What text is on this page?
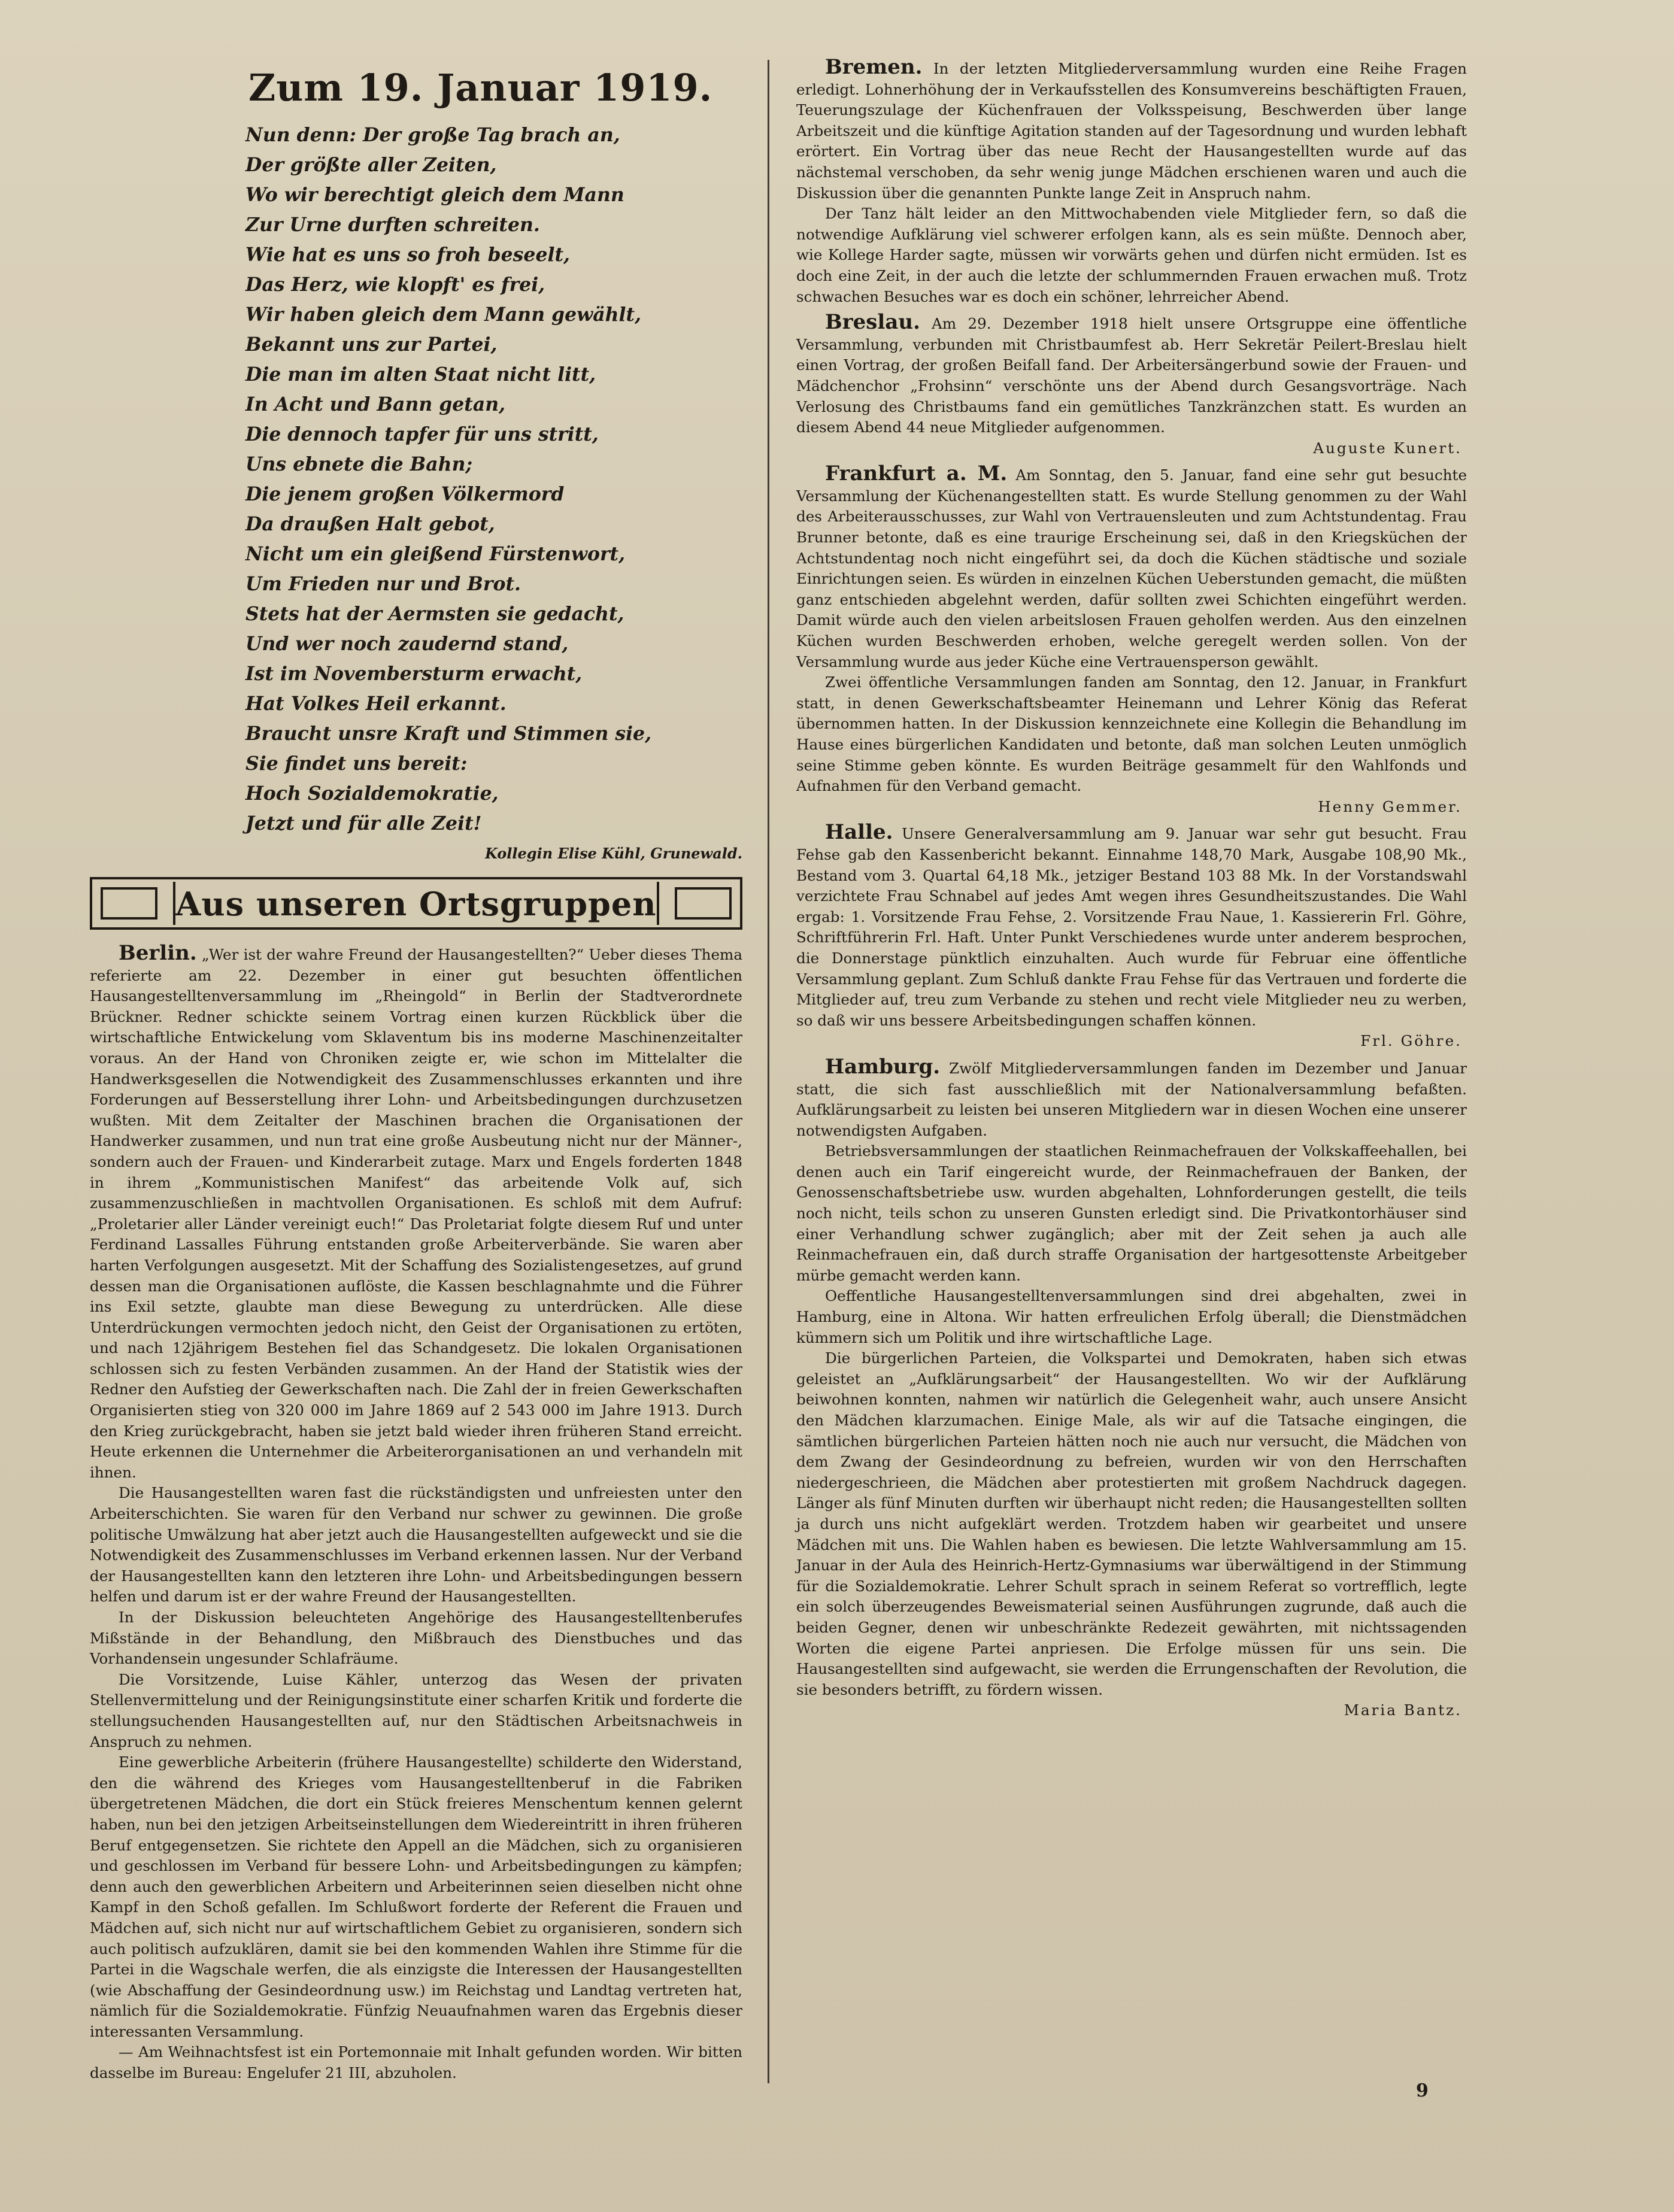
Zum 19. Januar 1919.
Nun denn: Der große Tag brach an,
Der größte aller Zeiten,
Wo wir berechtigt gleich dem Mann
Zur Urne durften schreiten.
Wie hat es uns so froh beseelt,
Das Herz, wie klopft' es frei,
Wir haben gleich dem Mann gewählt,
Bekannt uns zur Partei,
Die man im alten Staat nicht litt,
In Acht und Bann getan,
Die dennoch tapfer für uns stritt,
Uns ebnete die Bahn;
Die jenem großen Völkermord
Da draußen Halt gebot,
Nicht um ein gleißend Fürstenwort,
Um Frieden nur und Brot.
Stets hat der Aermsten sie gedacht,
Und wer noch zaudernd stand,
Ist im Novembersturm erwacht,
Hat Volkes Heil erkannt.
Braucht unsre Kraft und Stimmen sie,
Sie findet uns bereit:
Hoch Sozialdemokratie,
Jetzt und für alle Zeit!
Kollegin Elise Kühl, Grunewald.
Aus unseren Ortsgruppen

Berlin. „Wer ist der wahre Freund der Hausangestellten?“ Ueber dieses Thema referierte am 22. Dezember in einer gut besuchten öffentlichen Hausangestelltenversammlung im „Rheingold“ in Berlin der Stadtverordnete Brückner. Redner schickte seinem Vortrag einen kurzen Rückblick über die wirtschaftliche Entwickelung vom Sklaventum bis ins moderne Maschinenzeitalter voraus. An der Hand von Chroniken zeigte er, wie schon im Mittelalter die Handwerksgesellen die Notwendigkeit des Zusammenschlusses erkannten und ihre Forderungen auf Besserstellung ihrer Lohn- und Arbeitsbedingungen durchzusetzen wußten. Mit dem Zeitalter der Maschinen brachen die Organisationen der Handwerker zusammen, und nun trat eine große Ausbeutung nicht nur der Männer-, sondern auch der Frauen- und Kinderarbeit zutage. Marx und Engels forderten 1848 in ihrem „Kommunistischen Manifest“ das arbeitende Volk auf, sich zusammenzuschließen in machtvollen Organisationen. Es schloß mit dem Aufruf: „Proletarier aller Länder vereinigt euch!“ Das Proletariat folgte diesem Ruf und unter Ferdinand Lassalles Führung entstanden große Arbeiterverbände. Sie waren aber harten Verfolgungen ausgesetzt. Mit der Schaffung des Sozialistengesetzes, auf grund dessen man die Organisationen auflöste, die Kassen beschlagnahmte und die Führer ins Exil setzte, glaubte man diese Bewegung zu unterdrücken. Alle diese Unterdrückungen vermochten jedoch nicht, den Geist der Organisationen zu ertöten, und nach 12jährigem Bestehen fiel das Schandgesetz. Die lokalen Organisationen schlossen sich zu festen Verbänden zusammen. An der Hand der Statistik wies der Redner den Aufstieg der Gewerkschaften nach. Die Zahl der in freien Gewerkschaften Organisierten stieg von 320 000 im Jahre 1869 auf 2 543 000 im Jahre 1913. Durch den Krieg zurückgebracht, haben sie jetzt bald wieder ihren früheren Stand erreicht. Heute erkennen die Unternehmer die Arbeiterorganisationen an und verhandeln mit ihnen.

Die Hausangestellten waren fast die rückständigsten und unfreiesten unter den Arbeiterschichten. Sie waren für den Verband nur schwer zu gewinnen. Die große politische Umwälzung hat aber jetzt auch die Hausangestellten aufgeweckt und sie die Notwendigkeit des Zusammenschlusses im Verband erkennen lassen. Nur der Verband der Hausangestellten kann den letzteren ihre Lohn- und Arbeitsbedingungen bessern helfen und darum ist er der wahre Freund der Hausangestellten.

In der Diskussion beleuchteten Angehörige des Hausangestelltenberufes Mißstände in der Behandlung, den Mißbrauch des Dienstbuches und das Vorhandensein ungesunder Schlafräume.

Die Vorsitzende, Luise Kähler, unterzog das Wesen der privaten Stellenvermittelung und der Reinigungsinstitute einer scharfen Kritik und forderte die stellungsuchenden Hausangestellten auf, nur den Städtischen Arbeitsnachweis in Anspruch zu nehmen.

Eine gewerbliche Arbeiterin (frühere Hausangestellte) schilderte den Widerstand, den die während des Krieges vom Hausangestelltenberuf in die Fabriken übergetretenen Mädchen, die dort ein Stück freieres Menschentum kennen gelernt haben, nun bei den jetzigen Arbeitseinstellungen dem Wiedereintritt in ihren früheren Beruf entgegensetzen. Sie richtete den Appell an die Mädchen, sich zu organisieren und geschlossen im Verband für bessere Lohn- und Arbeitsbedingungen zu kämpfen; denn auch den gewerblichen Arbeitern und Arbeiterinnen seien dieselben nicht ohne Kampf in den Schoß gefallen. Im Schlußwort forderte der Referent die Frauen und Mädchen auf, sich nicht nur auf wirtschaftlichem Gebiet zu organisieren, sondern sich auch politisch aufzuklären, damit sie bei den kommenden Wahlen ihre Stimme für die Partei in die Wagschale werfen, die als einzigste die Interessen der Hausangestellten (wie Abschaffung der Gesindeordnung usw.) im Reichstag und Landtag vertreten hat, nämlich für die Sozialdemokratie. Fünfzig Neuaufnahmen waren das Ergebnis dieser interessanten Versammlung.

— Am Weihnachtsfest ist ein Portemonnaie mit Inhalt gefunden worden. Wir bitten dasselbe im Bureau: Engelufer 21 III, abzuholen.

Bremen. In der letzten Mitgliederversammlung wurden eine Reihe Fragen erledigt. Lohnerhöhung der in Verkaufsstellen des Konsumvereins beschäftigten Frauen, Teuerungszulage der Küchenfrauen der Volksspeisung, Beschwerden über lange Arbeitszeit und die künftige Agitation standen auf der Tagesordnung und wurden lebhaft erörtert. Ein Vortrag über das neue Recht der Hausangestellten wurde auf das nächstemal verschoben, da sehr wenig junge Mädchen erschienen waren und auch die Diskussion über die genannten Punkte lange Zeit in Anspruch nahm.

Der Tanz hält leider an den Mittwochabenden viele Mitglieder fern, so daß die notwendige Aufklärung viel schwerer erfolgen kann, als es sein müßte. Dennoch aber, wie Kollege Harder sagte, müssen wir vorwärts gehen und dürfen nicht ermüden. Ist es doch eine Zeit, in der auch die letzte der schlummernden Frauen erwachen muß. Trotz schwachen Besuches war es doch ein schöner, lehrreicher Abend.

Breslau. Am 29. Dezember 1918 hielt unsere Ortsgruppe eine öffentliche Versammlung, verbunden mit Christbaumfest ab. Herr Sekretär Peilert-Breslau hielt einen Vortrag, der großen Beifall fand. Der Arbeitersängerbund sowie der Frauen- und Mädchenchor „Frohsinn“ verschönte uns der Abend durch Gesangsvorträge. Nach Verlosung des Christbaums fand ein gemütliches Tanzkränzchen statt. Es wurden an diesem Abend 44 neue Mitglieder aufgenommen.

Auguste Kunert.

Frankfurt a. M. Am Sonntag, den 5. Januar, fand eine sehr gut besuchte Versammlung der Küchenangestellten statt. Es wurde Stellung genommen zu der Wahl des Arbeiterausschusses, zur Wahl von Vertrauensleuten und zum Achtstundentag. Frau Brunner betonte, daß es eine traurige Erscheinung sei, daß in den Kriegsküchen der Achtstundentag noch nicht eingeführt sei, da doch die Küchen städtische und soziale Einrichtungen seien. Es würden in einzelnen Küchen Ueberstunden gemacht, die müßten ganz entschieden abgelehnt werden, dafür sollten zwei Schichten eingeführt werden. Damit würde auch den vielen arbeitslosen Frauen geholfen werden. Aus den einzelnen Küchen wurden Beschwerden erhoben, welche geregelt werden sollen. Von der Versammlung wurde aus jeder Küche eine Vertrauensperson gewählt.

Zwei öffentliche Versammlungen fanden am Sonntag, den 12. Januar, in Frankfurt statt, in denen Gewerkschaftsbeamter Heinemann und Lehrer König das Referat übernommen hatten. In der Diskussion kennzeichnete eine Kollegin die Behandlung im Hause eines bürgerlichen Kandidaten und betonte, daß man solchen Leuten unmöglich seine Stimme geben könnte. Es wurden Beiträge gesammelt für den Wahlfonds und Aufnahmen für den Verband gemacht.

Henny Gemmer.

Halle. Unsere Generalversammlung am 9. Januar war sehr gut besucht. Frau Fehse gab den Kassenbericht bekannt. Einnahme 148,70 Mark, Ausgabe 108,90 Mk., Bestand vom 3. Quartal 64,18 Mk., jetziger Bestand 103 88 Mk. In der Vorstandswahl verzichtete Frau Schnabel auf jedes Amt wegen ihres Gesundheitszustandes. Die Wahl ergab: 1. Vorsitzende Frau Fehse, 2. Vorsitzende Frau Naue, 1. Kassiererin Frl. Göhre, Schriftführerin Frl. Haft. Unter Punkt Verschiedenes wurde unter anderem besprochen, die Donnerstage pünktlich einzuhalten. Auch wurde für Februar eine öffentliche Versammlung geplant. Zum Schluß dankte Frau Fehse für das Vertrauen und forderte die Mitglieder auf, treu zum Verbande zu stehen und recht viele Mitglieder neu zu werben, so daß wir uns bessere Arbeitsbedingungen schaffen können.

Frl. Göhre.

Hamburg. Zwölf Mitgliederversammlungen fanden im Dezember und Januar statt, die sich fast ausschließlich mit der Nationalversammlung befaßten. Aufklärungsarbeit zu leisten bei unseren Mitgliedern war in diesen Wochen eine unserer notwendigsten Aufgaben.

Betriebsversammlungen der staatlichen Reinmachefrauen der Volkskaffeehallen, bei denen auch ein Tarif eingereicht wurde, der Reinmachefrauen der Banken, der Genossenschaftsbetriebe usw. wurden abgehalten, Lohnforderungen gestellt, die teils noch nicht, teils schon zu unseren Gunsten erledigt sind. Die Privatkontorhäuser sind einer Verhandlung schwer zugänglich; aber mit der Zeit sehen ja auch alle Reinmachefrauen ein, daß durch straffe Organisation der hartgesottenste Arbeitgeber mürbe gemacht werden kann.

Oeffentliche Hausangestelltenversammlungen sind drei abgehalten, zwei in Hamburg, eine in Altona. Wir hatten erfreulichen Erfolg überall; die Dienstmädchen kümmern sich um Politik und ihre wirtschaftliche Lage.

Die bürgerlichen Parteien, die Volkspartei und Demokraten, haben sich etwas geleistet an „Aufklärungsarbeit“ der Hausangestellten. Wo wir der Aufklärung beiwohnen konnten, nahmen wir natürlich die Gelegenheit wahr, auch unsere Ansicht den Mädchen klarzumachen. Einige Male, als wir auf die Tatsache eingingen, die sämtlichen bürgerlichen Parteien hätten noch nie auch nur versucht, die Mädchen von dem Zwang der Gesindeordnung zu befreien, wurden wir von den Herrschaften niedergeschrieen, die Mädchen aber protestierten mit großem Nachdruck dagegen. Länger als fünf Minuten durften wir überhaupt nicht reden; die Hausangestellten sollten ja durch uns nicht aufgeklärt werden. Trotzdem haben wir gearbeitet und unsere Mädchen mit uns. Die Wahlen haben es bewiesen. Die letzte Wahlversammlung am 15. Januar in der Aula des Heinrich-Hertz-Gymnasiums war überwältigend in der Stimmung für die Sozialdemokratie. Lehrer Schult sprach in seinem Referat so vortrefflich, legte ein solch überzeugendes Beweismaterial seinen Ausführungen zugrunde, daß auch die beiden Gegner, denen wir unbeschränkte Redezeit gewährten, mit nichtssagenden Worten die eigene Partei anpriesen. Die Erfolge müssen für uns sein. Die Hausangestellten sind aufgewacht, sie werden die Errungenschaften der Revolution, die sie besonders betrifft, zu fördern wissen.

Maria Bantz.

9
